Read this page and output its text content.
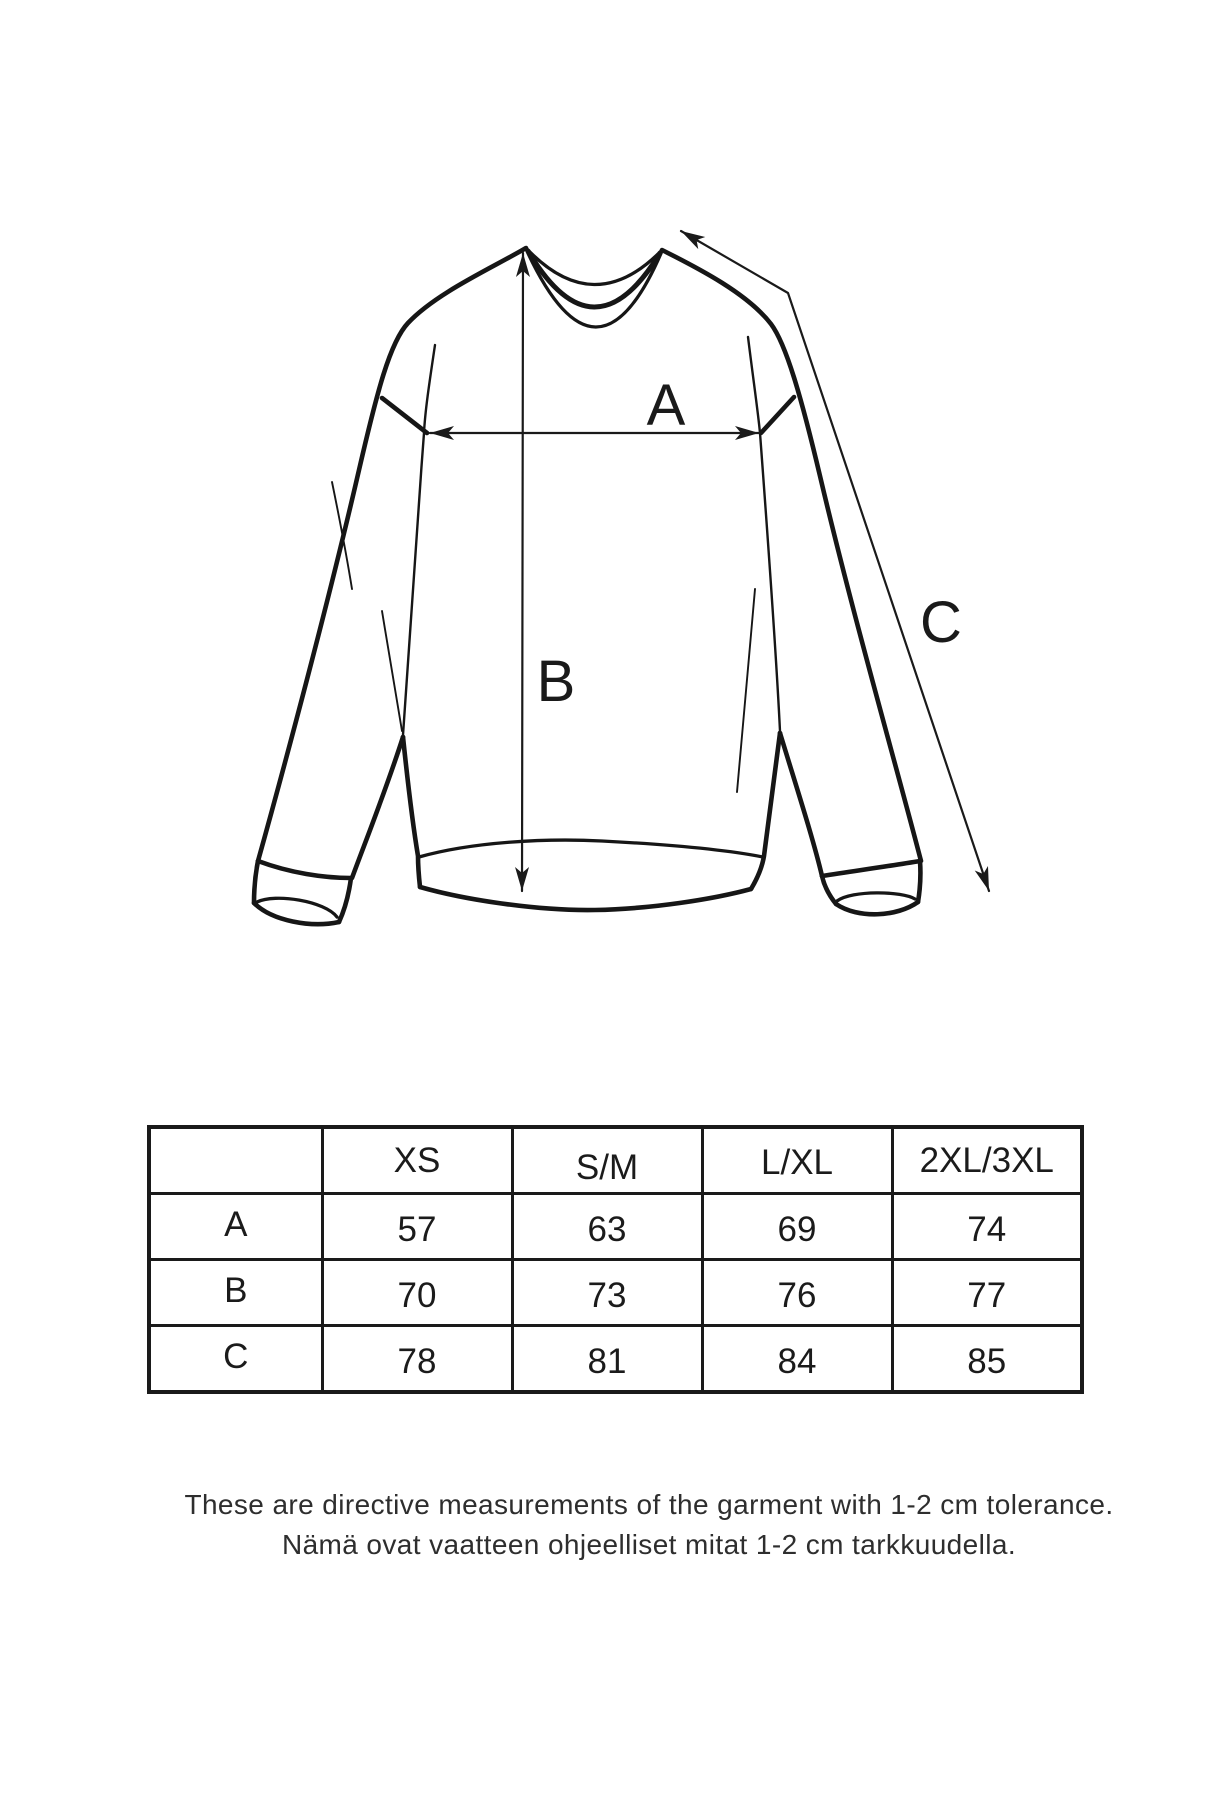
A
B
C
	XS	S/M	L/XL	2XL/3XL
A	57	63	69	74
B	70	73	76	77
C	78	81	84	85
These are directive measurements of the garment with 1-2 cm tolerance.
Nämä ovat vaatteen ohjeelliset mitat 1-2 cm tarkkuudella.
